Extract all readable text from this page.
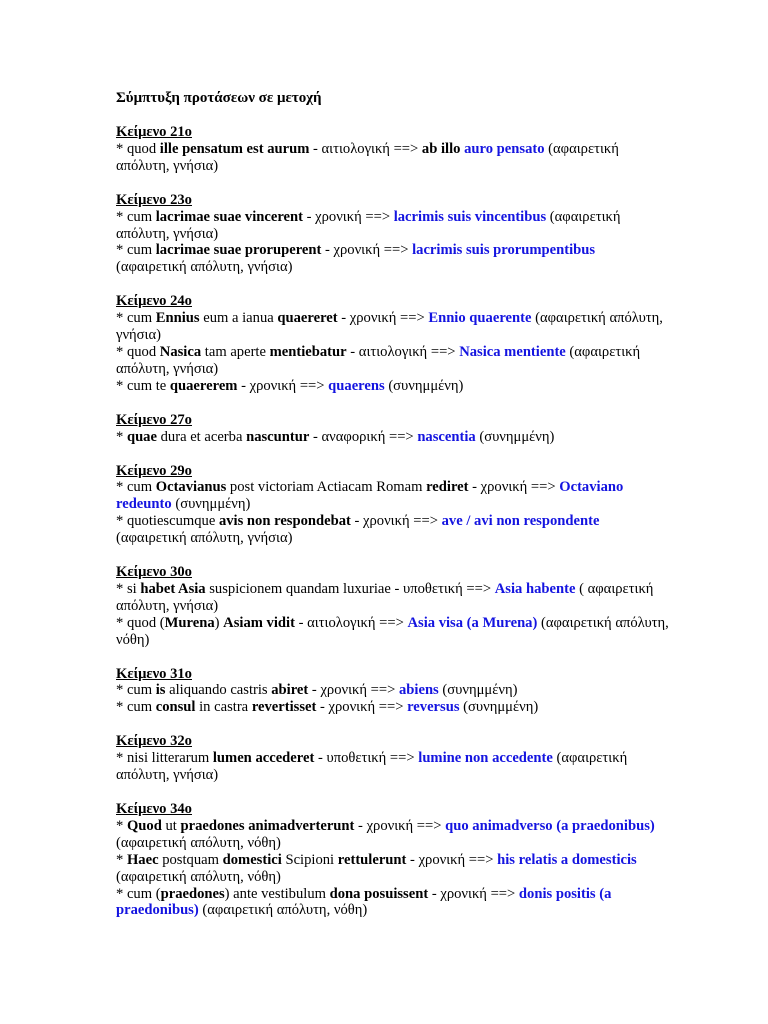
Σύμπτυξη προτάσεων σε μετοχή
Κείμενο 21ο
* quod ille pensatum est aurum - αιτιολογική ==> ab illo auro pensato (αφαιρετική
απόλυτη, γνήσια)
Κείμενο 23ο
* cum lacrimae suae vincerent - χρονική ==> lacrimis suis vincentibus (αφαιρετική
απόλυτη, γνήσια)
* cum lacrimae suae proruperent - χρονική ==> lacrimis suis prorumpentibus
(αφαιρετική απόλυτη, γνήσια)
Κείμενο 24ο
* cum Ennius eum a ianua quaereret - χρονική ==> Ennio quaerente (αφαιρετική απόλυτη,
γνήσια)
* quod Nasica tam aperte mentiebatur - αιτιολογική ==> Nasica mentiente (αφαιρετική
απόλυτη, γνήσια)
* cum te quaererem - χρονική ==> quaerens (συνημμένη)
Κείμενο 27ο
* quae dura et acerba nascuntur - αναφορική ==> nascentia (συνημμένη)
Κείμενο 29ο
* cum Octavianus post victoriam Actiacam Romam rediret - χρονική ==> Octaviano
redeunto (συνημμένη)
* quotiescumque avis non respondebat - χρονική ==> ave / avi non respondente
(αφαιρετική απόλυτη, γνήσια)
Κείμενο 30ο
* si habet Asia suspicionem quandam luxuriae - υποθετική ==> Asia habente ( αφαιρετική
απόλυτη, γνήσια)
* quod (Murena) Asiam vidit - αιτιολογική ==> Asia visa (a Murena) (αφαιρετική απόλυτη,
νόθη)
Κείμενο 31ο
* cum is aliquando castris abiret - χρονική ==> abiens (συνημμένη)
* cum consul in castra revertisset - χρονική ==> reversus (συνημμένη)
Κείμενο 32ο
* nisi litterarum lumen accederet - υποθετική ==> lumine non accedente (αφαιρετική
απόλυτη, γνήσια)
Κείμενο 34ο
* Quod ut praedones animadverterunt - χρονική ==> quo animadverso (a praedonibus)
(αφαιρετική απόλυτη, νόθη)
* Haec postquam domestici Scipioni rettulerunt - χρονική ==> his relatis a domesticis
(αφαιρετική απόλυτη, νόθη)
* cum (praedones) ante vestibulum dona posuissent - χρονική ==> donis positis (a
praedonibus) (αφαιρετική απόλυτη, νόθη)
